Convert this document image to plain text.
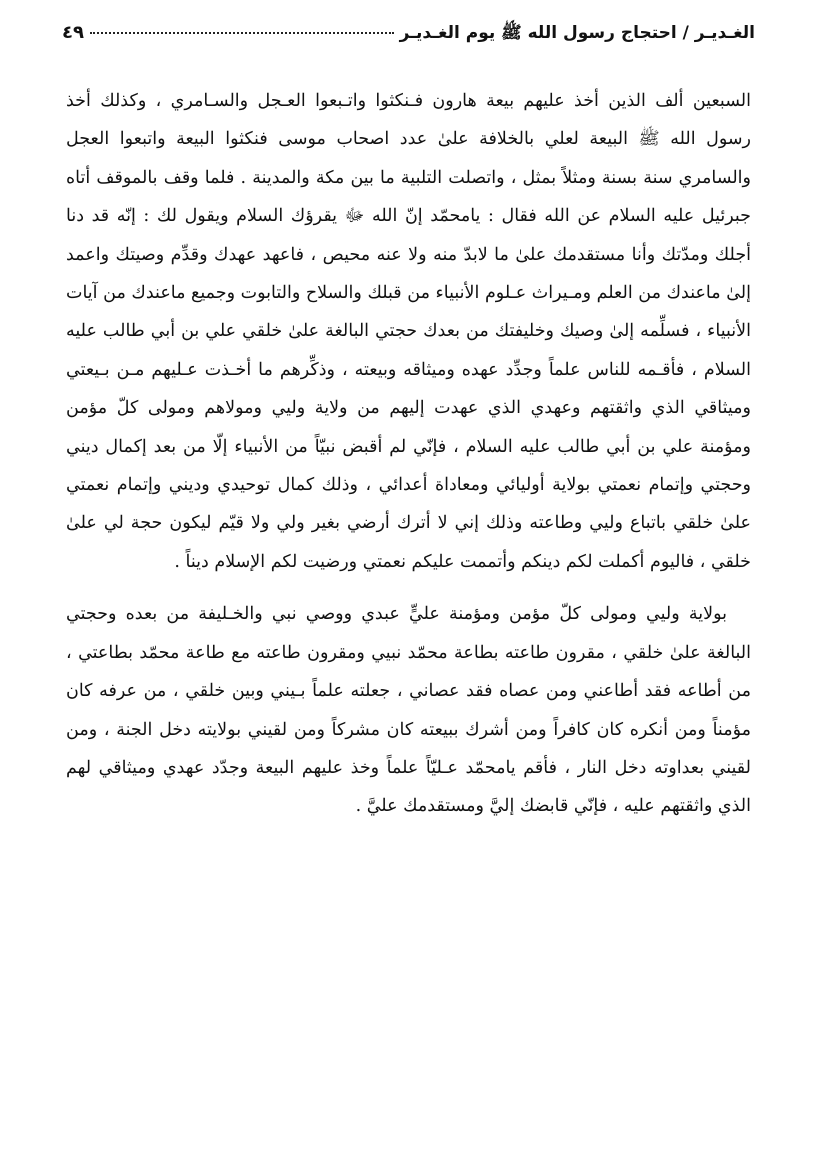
الغـديـر / احتجاج رسول الله ﷺ يوم الغـديـر
٤٩

السبعين ألف الذين أخذ عليهم بيعة هارون فـنكثوا واتـبعوا العـجل والسـامري ، وكذلك أخذ رسول الله ﷺ البيعة لعلي بالخلافة علىٰ عدد اصحاب موسى فنكثوا البيعة واتبعوا العجل والسامري سنة بسنة ومثلاً بمثل ، واتصلت التلبية ما بين مكة والمدينة . فلما وقف بالموقف أتاه جبرئيل عليه السلام عن الله فقال : يامحمّد إنّ الله ﷻ يقرؤك السلام ويقول لك : إنّه قد دنا أجلك ومدّتك وأنا مستقدمك علىٰ ما لابدّ منه ولا عنه محيص ، فاعهد عهدك وقدِّم وصيتك واعمد إلىٰ ماعندك من العلم ومـيراث عـلوم الأنبياء من قبلك والسلاح والتابوت وجميع ماعندك من آيات الأنبياء ، فسلِّمه إلىٰ وصيك وخليفتك من بعدك حجتي البالغة علىٰ خلقي علي بن أبي طالب عليه السلام ، فأقـمه للناس علماً وجدِّد عهده وميثاقه وبيعته ، وذكِّرهم ما أخـذت عـليهم مـن بـيعتي وميثاقي الذي واثقتهم وعهدي الذي عهدت إليهم من ولاية وليي ومولاهم ومولى كلّ مؤمن ومؤمنة علي بن أبي طالب عليه السلام ، فإنّي لم أقبض نبيّاً من الأنبياء إلّا من بعد إكمال ديني وحجتي وإتمام نعمتي بولاية أوليائي ومعاداة أعدائي ، وذلك كمال توحيدي وديني وإتمام نعمتي علىٰ خلقي باتباع وليي وطاعته وذلك إني لا أترك أرضي بغير ولي ولا قيّم ليكون حجة لي علىٰ خلقي ، فاليوم أكملت لكم دينكم وأتممت عليكم نعمتي ورضيت لكم الإسلام ديناً .

بولاية وليي ومولى كلّ مؤمن ومؤمنة عليٍّ عبدي ووصي نبي والخـليفة من بعده وحجتي البالغة علىٰ خلقي ، مقرون طاعته بطاعة محمّد نبيي ومقرون طاعته مع طاعة محمّد بطاعتي ، من أطاعه فقد أطاعني ومن عصاه فقد عصاني ، جعلته علماً بـيني وبين خلقي ، من عرفه كان مؤمناً ومن أنكره كان كافراً ومن أشرك ببيعته كان مشركاً ومن لقيني بولايته دخل الجنة ، ومن لقيني بعداوته دخل النار ، فأقم يامحمّد عـليّاً علماً وخذ عليهم البيعة وجدّد عهدي وميثاقي لهم الذي واثقتهم عليه ، فإنّي قابضك إليَّ ومستقدمك عليَّ .
